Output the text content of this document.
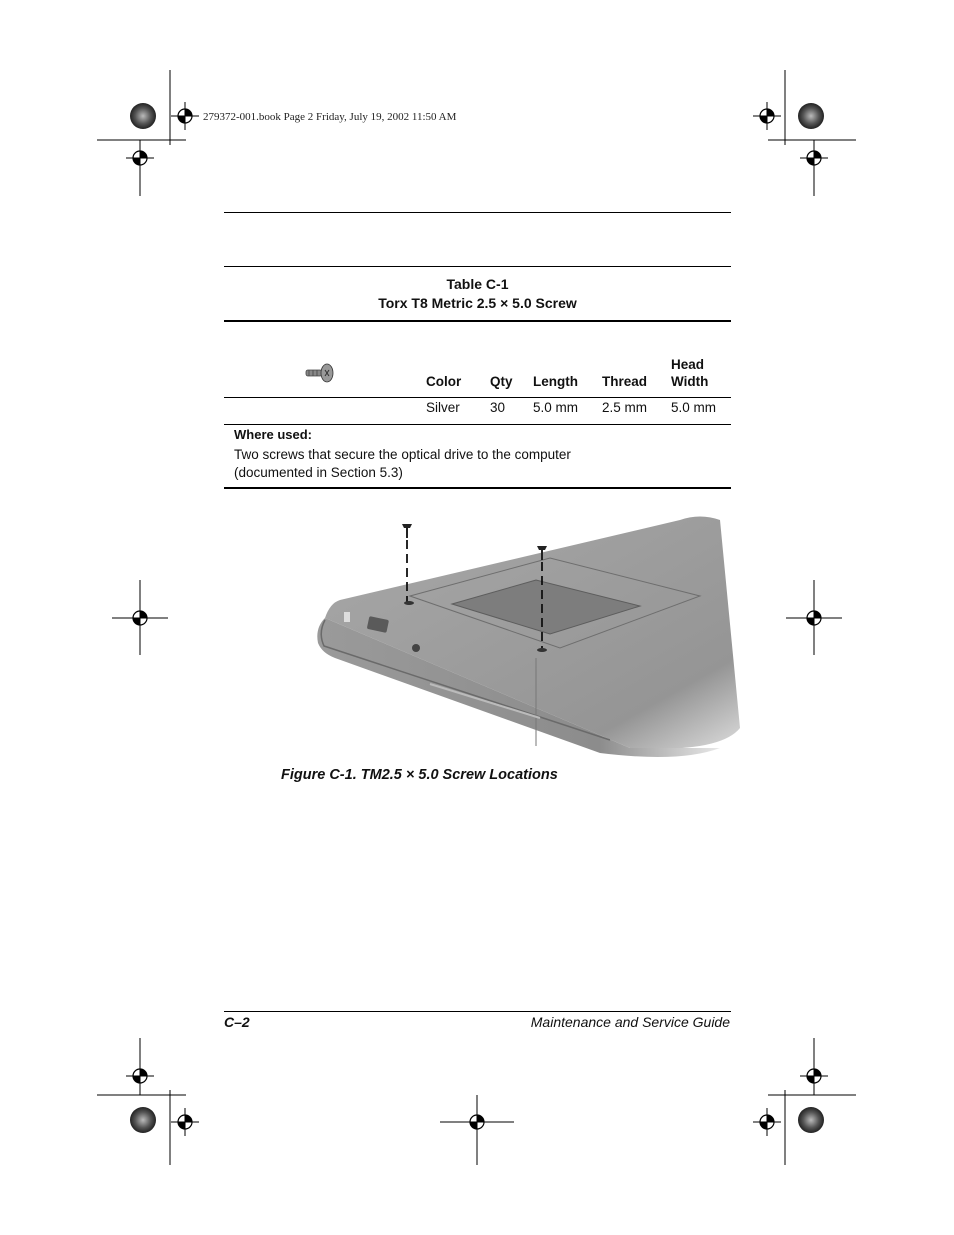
279372-001.book Page 2 Friday, July 19, 2002 11:50 AM
Table C-1
Torx T8 Metric 2.5 × 5.0 Screw
Color Qty Length Thread
Head
Width
Silver 30 5.0 mm 2.5 mm 5.0 mm
Where used:
Two screws that secure the optical drive to the computer
(documented in Section 5.3)
Figure C-1. TM2.5 × 5.0 Screw Locations
C–2	Maintenance and Service Guide
